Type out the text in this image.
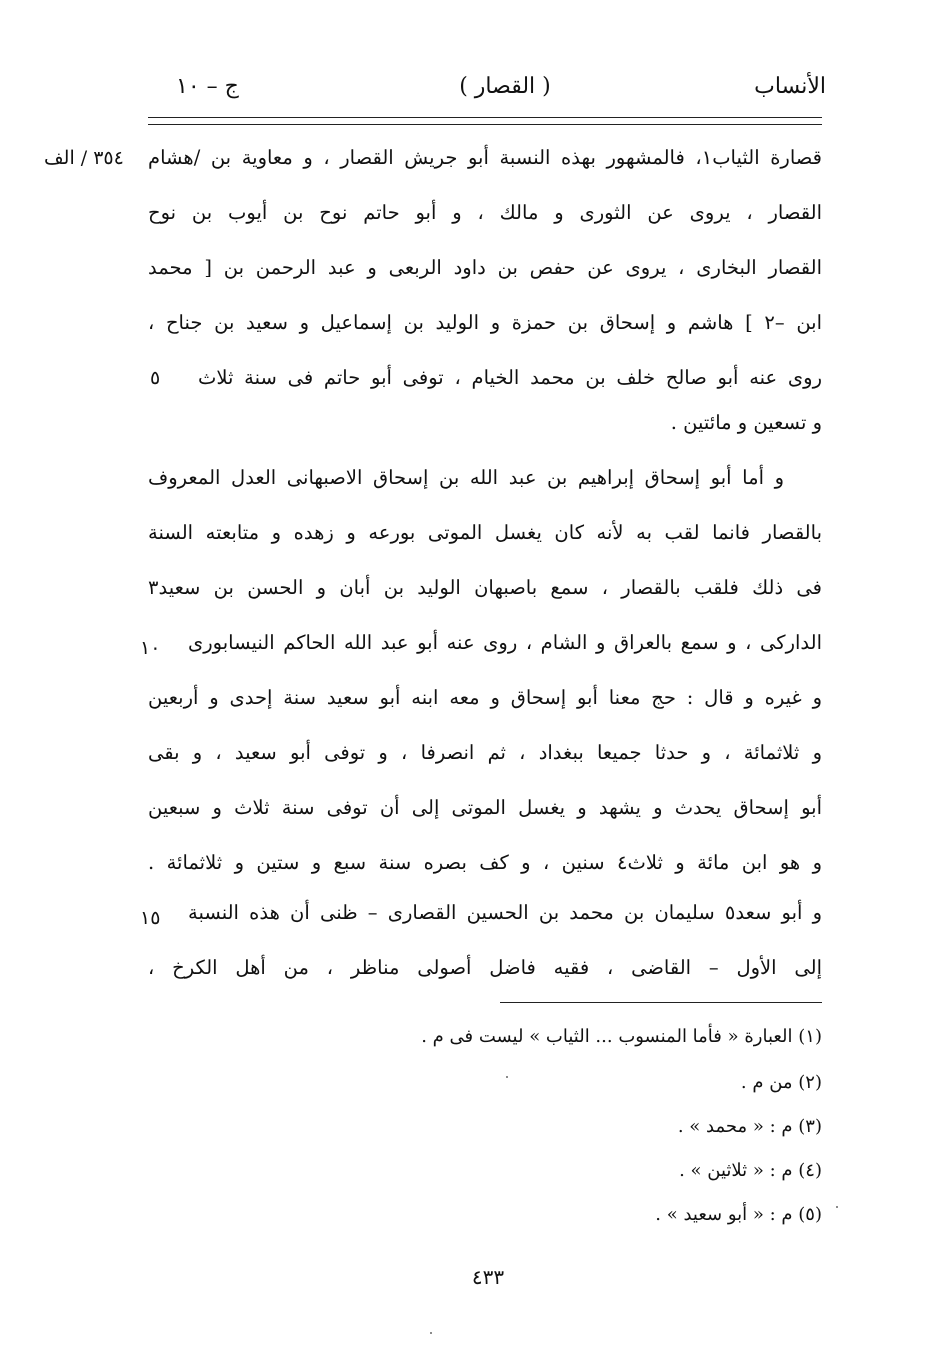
الأنساب
( القصار )
ج – ١٠
٣٥٤ / الف
٥
١٠
١٥
قصارة الثياب١، فالمشهور بهذه النسبة أبو جريش القصار ، و معاوية بن /هشام
القصار ، يروى عن الثورى و مالك ، و أبو حاتم نوح بن أيوب بن نوح
القصار البخارى ، يروى عن حفص بن داود الربعى و عبد الرحمن بن [ محمد
ابن –٢ ] هاشم و إسحاق بن حمزة و الوليد بن إسماعيل و سعيد بن جناح ،
روى عنه أبو صالح خلف بن محمد الخيام ، توفى أبو حاتم فى سنة ثلاث
و تسعين و مائتين .
و أما أبو إسحاق إبراهيم بن عبد الله بن إسحاق الاصبهانى العدل المعروف
بالقصار فانما لقب به لأنه كان يغسل الموتى بورعه و زهده و متابعته السنة
فى ذلك فلقب بالقصار ، سمع باصبهان الوليد بن أبان و الحسن بن سعيد٣
الداركى ، و سمع بالعراق و الشام ، روى عنه أبو عبد الله الحاكم النيسابورى
و غيره و قال : حج معنا أبو إسحاق و معه ابنه أبو سعيد سنة إحدى و أربعين
و ثلاثمائة ، و حدثا جميعا ببغداد ، ثم انصرفا ، و توفى أبو سعيد ، و بقى
أبو إسحاق يحدث و يشهد و يغسل الموتى إلى أن توفى سنة ثلاث و سبعين
و هو ابن مائة و ثلاث٤ سنين ، و كف بصره سنة سبع و ستين و ثلاثمائة .
و أبو سعد٥ سليمان بن محمد بن الحسين القصارى – ظنى أن هذه النسبة
إلى الأول – القاضى ، فقيه فاضل أصولى مناظر ، من أهل الكرخ ،
(١) العبارة « فأما المنسوب ... الثياب » ليست فى م .
(٢) من م .
(٣) م : « محمد » .
(٤) م : « ثلاثين » .
(٥) م : « أبو سعيد » .
٤٣٣
